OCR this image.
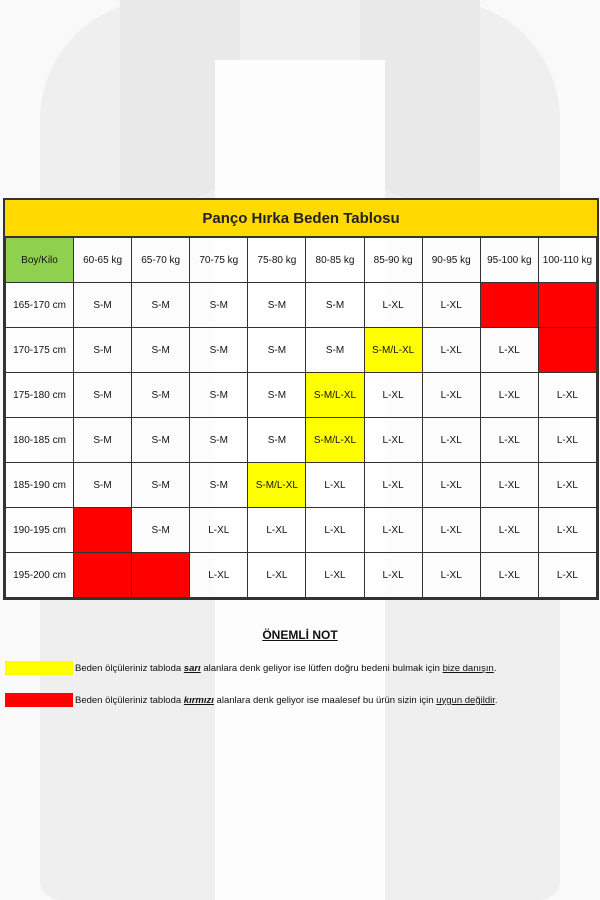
Panço Hırka Beden Tablosu
Boy/Kilo	60-65 kg	65-70 kg	70-75 kg	75-80 kg	80-85 kg	85-90 kg	90-95 kg	95-100 kg	100-110 kg
165-170 cm	S-M	S-M	S-M	S-M	S-M	L-XL	L-XL		
170-175 cm	S-M	S-M	S-M	S-M	S-M	S-M/L-XL	L-XL	L-XL	
175-180 cm	S-M	S-M	S-M	S-M	S-M/L-XL	L-XL	L-XL	L-XL	L-XL
180-185 cm	S-M	S-M	S-M	S-M	S-M/L-XL	L-XL	L-XL	L-XL	L-XL
185-190 cm	S-M	S-M	S-M	S-M/L-XL	L-XL	L-XL	L-XL	L-XL	L-XL
190-195 cm		S-M	L-XL	L-XL	L-XL	L-XL	L-XL	L-XL	L-XL
195-200 cm			L-XL	L-XL	L-XL	L-XL	L-XL	L-XL	L-XL
ÖNEMLİ NOT
Beden ölçüleriniz tabloda sarı alanlara denk geliyor ise lütfen doğru bedeni bulmak için bize danışın.
Beden ölçüleriniz tabloda kırmızı alanlara denk geliyor ise maalesef bu ürün sizin için uygun değildir.
